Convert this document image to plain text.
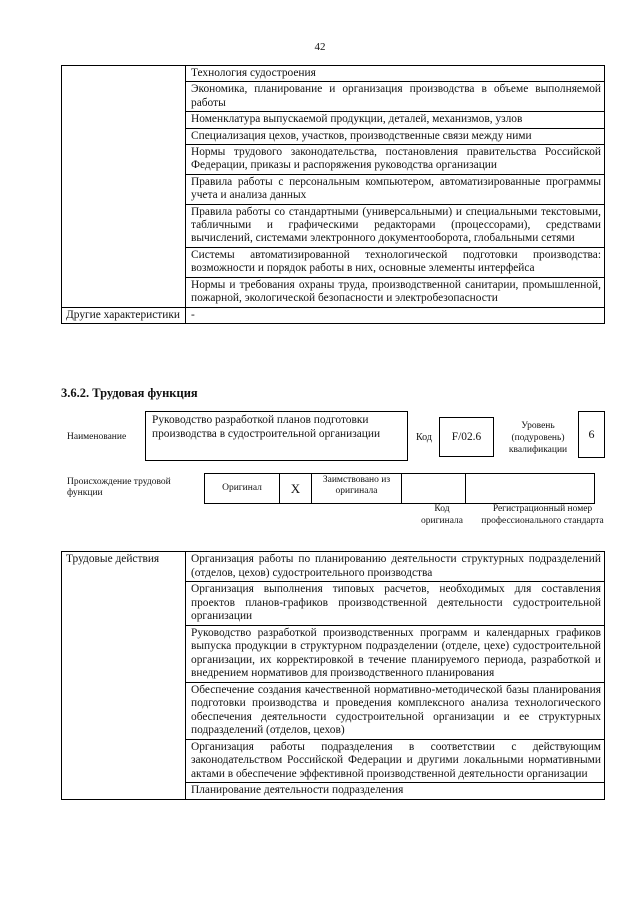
42
	Технология судостроения
	Экономика, планирование и организация производства в объеме выполняемой работы
	Номенклатура выпускаемой продукции, деталей, механизмов, узлов
	Специализация цехов, участков, производственные связи между ними
	Нормы трудового законодательства, постановления правительства Российской Федерации, приказы и распоряжения руководства организации
	Правила работы с персональным компьютером, автоматизированные программы учета и анализа данных
	Правила работы со стандартными (универсальными) и специальными текстовыми, табличными и графическими редакторами (процессорами), средствами вычислений, системами электронного документооборота, глобальными сетями
	Системы автоматизированной технологической подготовки производства: возможности и порядок работы в них, основные элементы интерфейса
	Нормы и требования охраны труда, производственной санитарии, промышленной, пожарной, экологической безопасности и электробезопасности
Другие характеристики	-
3.6.2. Трудовая функция
Наименование
Руководство разработкой планов подготовки производства в судостроительной организации	Код	F/02.6
Уровень (подуровень) квалификации
6
Происхождение трудовой функции	Оригинал	X	Заимствовано из оригинала		
Код оригинала
Регистрационный номер профессионального стандарта
Трудовые действия	Организация работы по планированию деятельности структурных подразделений (отделов, цехов) судостроительного производства
Организация выполнения типовых расчетов, необходимых для составления проектов планов-графиков производственной деятельности судостроительной организации
Руководство разработкой производственных программ и календарных графиков выпуска продукции в структурном подразделении (отделе, цехе) судостроительной организации, их корректировкой в течение планируемого периода, разработкой и внедрением нормативов для производственного планирования
Обеспечение создания качественной нормативно-методической базы планирования подготовки производства и проведения комплексного анализа технологического обеспечения деятельности судостроительной организации и ее структурных подразделений (отделов, цехов)
Организация работы подразделения в соответствии с действующим законодательством Российской Федерации и другими локальными нормативными актами в обеспечение эффективной производственной деятельности организации
Планирование деятельности подразделения
